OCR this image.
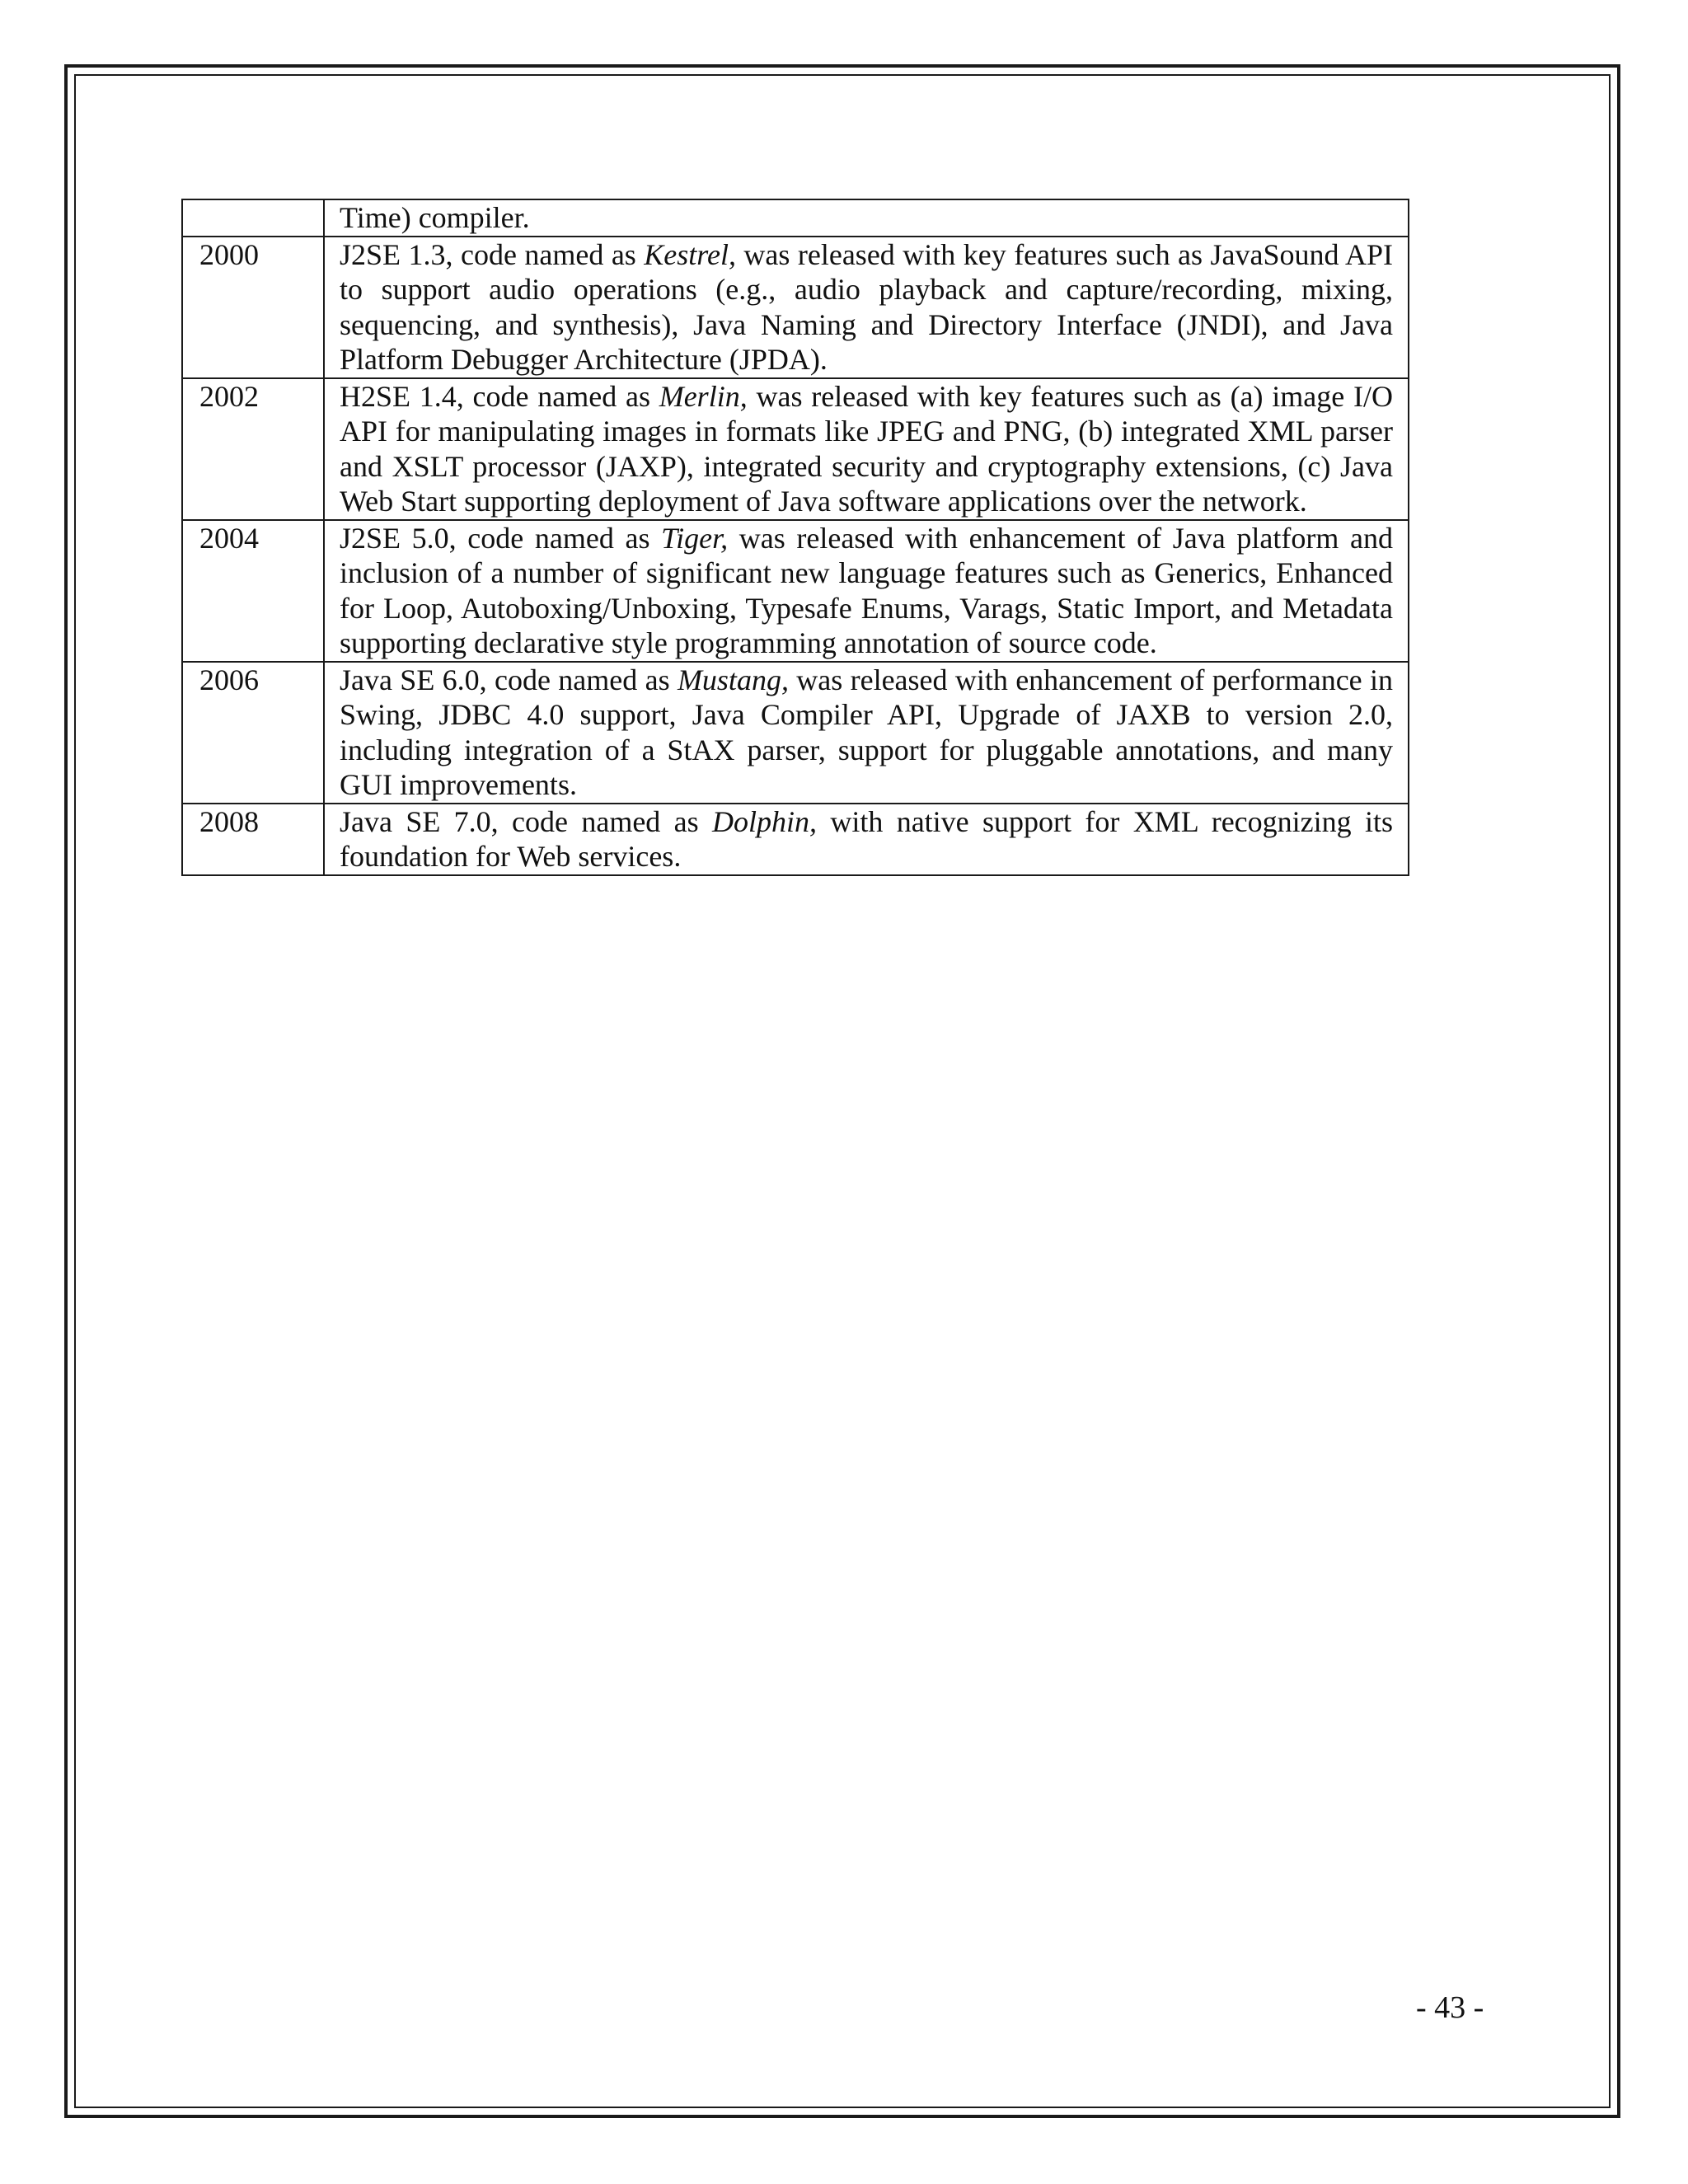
	Time) compiler.
2000	J2SE 1.3, code named as Kestrel, was released with key features such as JavaSound API to support audio operations (e.g., audio playback and capture/recording, mixing, sequencing, and synthesis), Java Naming and Directory Interface (JNDI), and Java Platform Debugger Architecture (JPDA).
2002	H2SE 1.4, code named as Merlin, was released with key features such as (a) image I/O API for manipulating images in formats like JPEG and PNG, (b) integrated XML parser and XSLT processor (JAXP), integrated security and cryptography extensions, (c) Java Web Start supporting deployment of Java software applications over the network.
2004	J2SE 5.0, code named as Tiger, was released with enhancement of Java platform and inclusion of a number of significant new language features such as Generics, Enhanced for Loop, Autoboxing/Unboxing, Typesafe Enums, Varags, Static Import, and Metadata supporting declarative style programming annotation of source code.
2006	Java SE 6.0, code named as Mustang, was released with enhancement of performance in Swing, JDBC 4.0 support, Java Compiler API, Upgrade of JAXB to version 2.0, including integration of a StAX parser, support for pluggable annotations, and many GUI improvements.
2008	Java SE 7.0, code named as Dolphin, with native support for XML recognizing its foundation for Web services.
- 43 -
